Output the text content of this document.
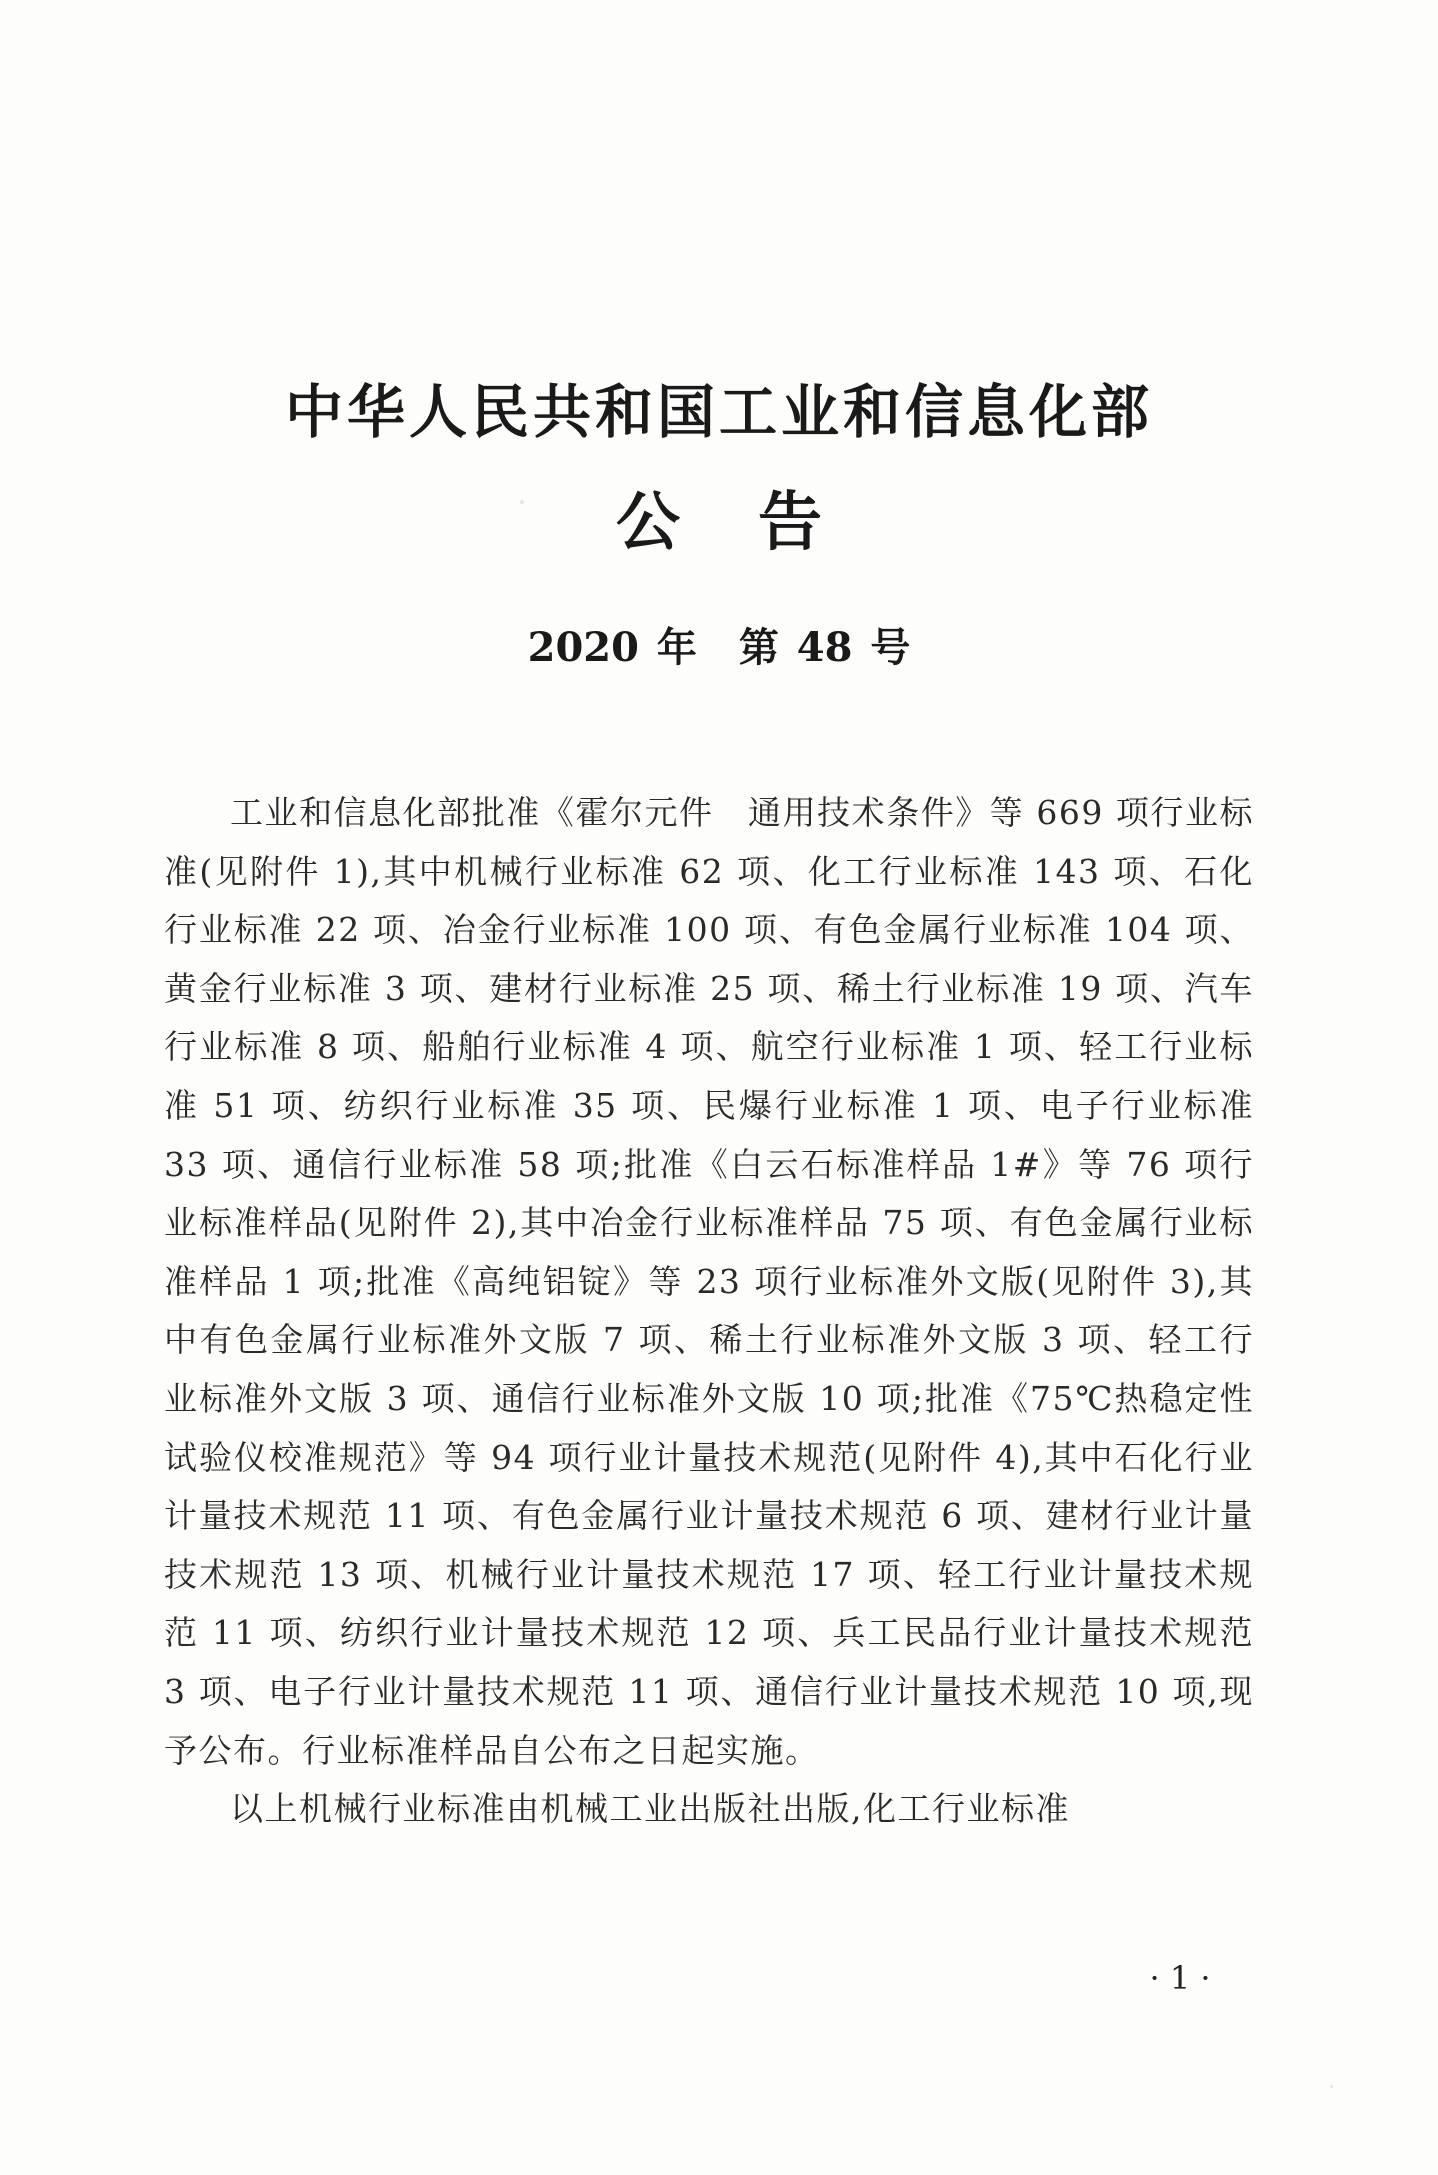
中华人民共和国工业和信息化部
公告
2020 年 第 48 号

工业和信息化部批准《霍尔元件　通用技术条件》等 669 项行业标准(见附件 1),其中机械行业标准 62 项、化工行业标准 143 项、石化行业标准 22 项、冶金行业标准 100 项、有色金属行业标准 104 项、黄金行业标准 3 项、建材行业标准 25 项、稀土行业标准 19 项、汽车行业标准 8 项、船舶行业标准 4 项、航空行业标准 1 项、轻工行业标准 51 项、纺织行业标准 35 项、民爆行业标准 1 项、电子行业标准 33 项、通信行业标准 58 项;批准《白云石标准样品 1#》等 76 项行业标准样品(见附件 2),其中冶金行业标准样品 75 项、有色金属行业标准样品 1 项;批准《高纯铝锭》等 23 项行业标准外文版(见附件 3),其中有色金属行业标准外文版 7 项、稀土行业标准外文版 3 项、轻工行业标准外文版 3 项、通信行业标准外文版 10 项;批准《75℃热稳定性试验仪校准规范》等 94 项行业计量技术规范(见附件 4),其中石化行业计量技术规范 11 项、有色金属行业计量技术规范 6 项、建材行业计量技术规范 13 项、机械行业计量技术规范 17 项、轻工行业计量技术规范 11 项、纺织行业计量技术规范 12 项、兵工民品行业计量技术规范 3 项、电子行业计量技术规范 11 项、通信行业计量技术规范 10 项,现予公布。行业标准样品自公布之日起实施。

以上机械行业标准由机械工业出版社出版,化工行业标准

· 1 ·
